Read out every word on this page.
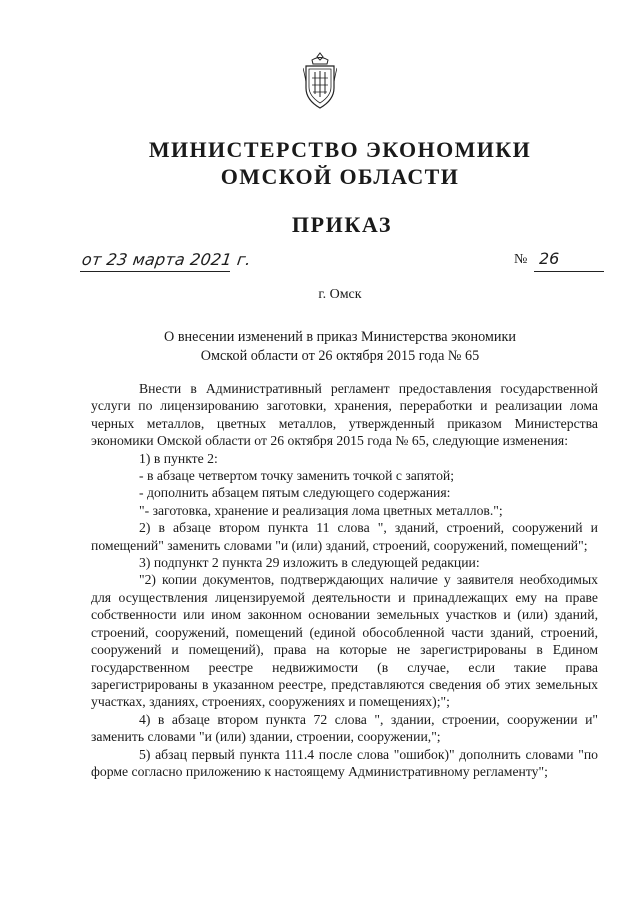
МИНИСТЕРСТВО ЭКОНОМИКИ
ОМСКОЙ ОБЛАСТИ
ПРИКАЗ
от 23 марта 2021 г.	№ 26
г. Омск
О внесении изменений в приказ Министерства экономики
Омской области от 26 октября 2015 года № 65

Внести в Административный регламент предоставления государственной услуги по лицензированию заготовки, хранения, переработки и реализации лома черных металлов, цветных металлов, утвержденный приказом Министерства экономики Омской области от 26 октября 2015 года № 65, следующие изменения:

1) в пункте 2:

- в абзаце четвертом точку заменить точкой с запятой;

- дополнить абзацем пятым следующего содержания:

"- заготовка, хранение и реализация лома цветных металлов.";

2) в абзаце втором пункта 11 слова ", зданий, строений, сооружений и помещений" заменить словами "и (или) зданий, строений, сооружений, помещений";

3) подпункт 2 пункта 29 изложить в следующей редакции:

"2) копии документов, подтверждающих наличие у заявителя необходимых для осуществления лицензируемой деятельности и принадлежащих ему на праве собственности или ином законном основании земельных участков и (или) зданий, строений, сооружений, помещений (единой обособленной части зданий, строений, сооружений и помещений), права на которые не зарегистрированы в Едином государственном реестре недвижимости (в случае, если такие права зарегистрированы в указанном реестре, представляются сведения об этих земельных участках, зданиях, строениях, сооружениях и помещениях);";

4) в абзаце втором пункта 72 слова ", здании, строении, сооружении и" заменить словами "и (или) здании, строении, сооружении,";

5) абзац первый пункта 111.4 после слова "ошибок)" дополнить словами "по форме согласно приложению к настоящему Административному регламенту";
